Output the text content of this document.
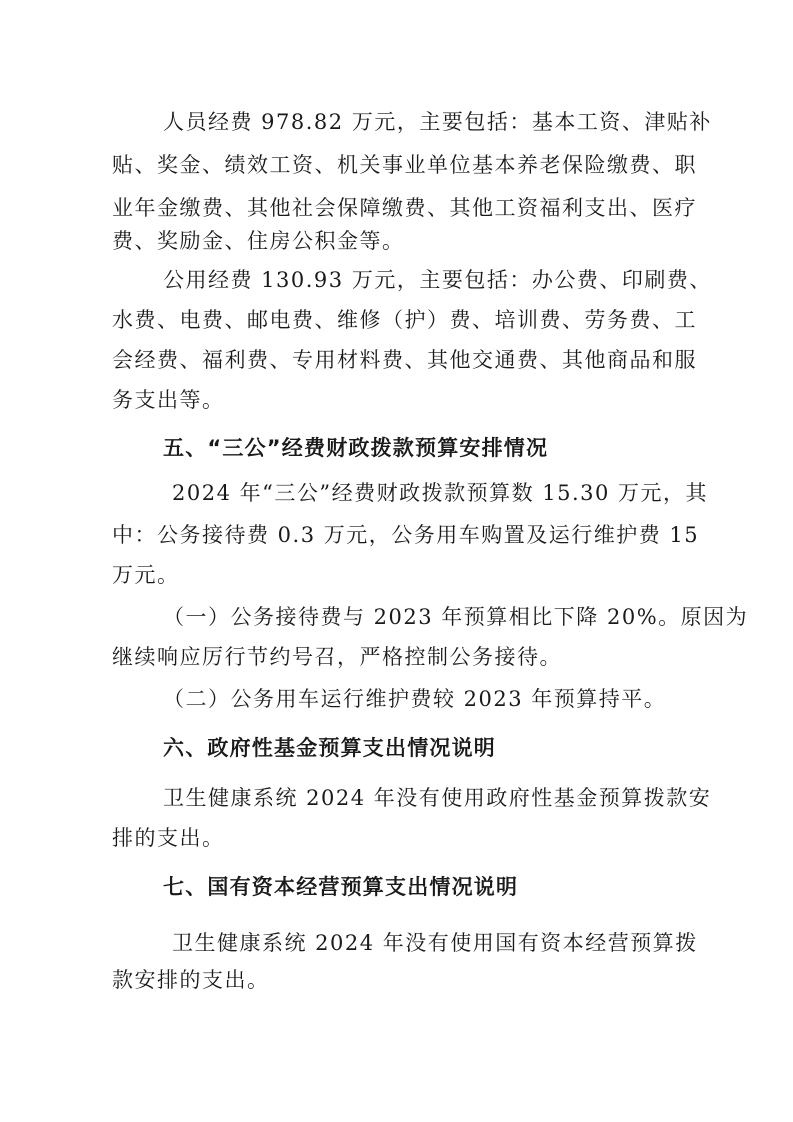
人员经费 978.82 万元，主要包括：基本工资、津贴补
贴、奖金、绩效工资、机关事业单位基本养老保险缴费、职
业年金缴费、其他社会保障缴费、其他工资福利支出、医疗
费、奖励金、住房公积金等。
公用经费 130.93 万元，主要包括：办公费、印刷费、
水费、电费、邮电费、维修（护）费、培训费、劳务费、工
会经费、福利费、专用材料费、其他交通费、其他商品和服
务支出等。
五、“三公”经费财政拨款预算安排情况
2024 年“三公”经费财政拨款预算数 15.30 万元，其
中：公务接待费 0.3 万元，公务用车购置及运行维护费 15
万元。
（一）公务接待费与 2023 年预算相比下降 20%。原因为
继续响应厉行节约号召，严格控制公务接待。
（二）公务用车运行维护费较 2023 年预算持平。
六、政府性基金预算支出情况说明
卫生健康系统 2024 年没有使用政府性基金预算拨款安
排的支出。
七、国有资本经营预算支出情况说明
卫生健康系统 2024 年没有使用国有资本经营预算拨
款安排的支出。
